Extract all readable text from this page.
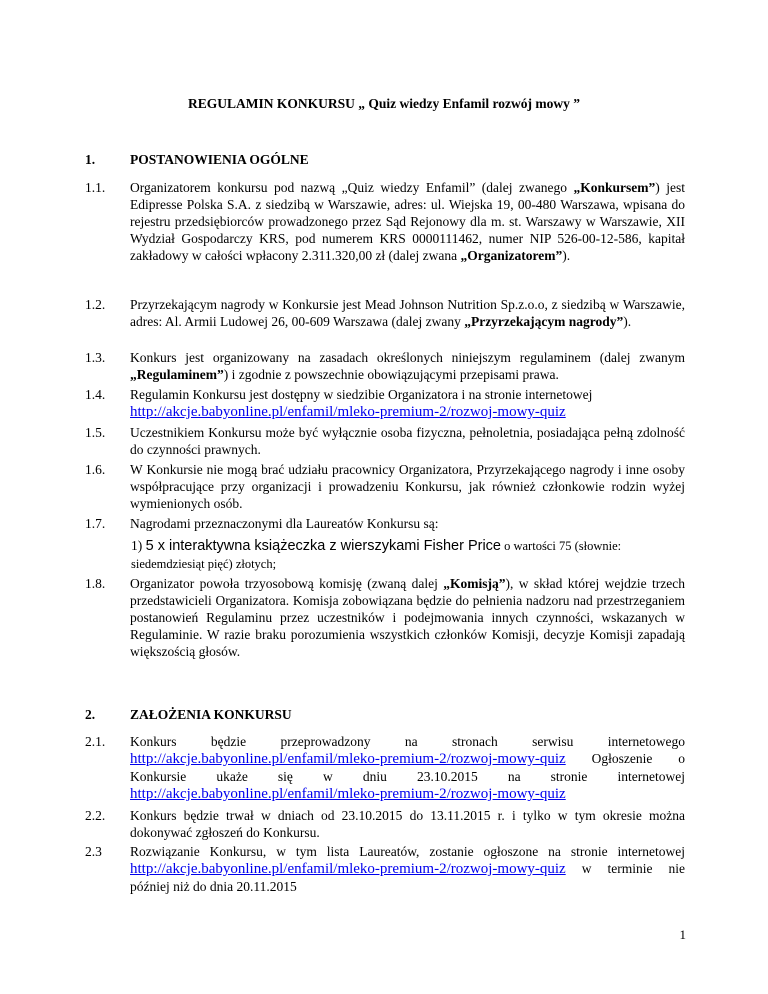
REGULAMIN KONKURSU „ Quiz wiedzy Enfamil rozwój mowy ”
1.	POSTANOWIENIA OGÓLNE
1.1. Organizatorem konkursu pod nazwą „Quiz wiedzy Enfamil” (dalej zwanego „Konkursem”) jest Edipresse Polska S.A. z siedzibą w Warszawie, adres: ul. Wiejska 19, 00-480 Warszawa, wpisana do rejestru przedsiębiorców prowadzonego przez Sąd Rejonowy dla m. st. Warszawy w Warszawie, XII Wydział Gospodarczy KRS, pod numerem KRS 0000111462, numer NIP 526-00-12-586, kapitał zakładowy w całości wpłacony 2.311.320,00 zł (dalej zwana „Organizatorem”).
1.2. Przyrzekającym nagrody w Konkursie jest Mead Johnson Nutrition Sp.z.o.o, z siedzibą w Warszawie, adres: Al. Armii Ludowej 26, 00-609 Warszawa (dalej zwany „Przyrzekającym nagrody”).
1.3. Konkurs jest organizowany na zasadach określonych niniejszym regulaminem (dalej zwanym „Regulaminem”) i zgodnie z powszechnie obowiązującymi przepisami prawa.
1.4. Regulamin Konkursu jest dostępny w siedzibie Organizatora i na stronie internetowej
http://akcje.babyonline.pl/enfamil/mleko-premium-2/rozwoj-mowy-quiz
1.5. Uczestnikiem Konkursu może być wyłącznie osoba fizyczna, pełnoletnia, posiadająca pełną zdolność do czynności prawnych.
1.6. W Konkursie nie mogą brać udziału pracownicy Organizatora, Przyrzekającego nagrody i inne osoby współpracujące przy organizacji i prowadzeniu Konkursu, jak również członkowie rodzin wyżej wymienionych osób.
1.7. Nagrodami przeznaczonymi dla Laureatów Konkursu są:
1) 5 x interaktywna książeczka z wierszykami Fisher Price o wartości 75 (słownie: siedemdziesiąt pięć) złotych;
1.8. Organizator powoła trzyosobową komisję (zwaną dalej „Komisją”), w skład której wejdzie trzech przedstawicieli Organizatora. Komisja zobowiązana będzie do pełnienia nadzoru nad przestrzeganiem postanowień Regulaminu przez uczestników i podejmowania innych czynności, wskazanych w Regulaminie. W razie braku porozumienia wszystkich członków Komisji, decyzje Komisji zapadają większością głosów.
2.	ZAŁOŻENIA KONKURSU
2.1. Konkurs będzie przeprowadzony na stronach serwisu internetowego http://akcje.babyonline.pl/enfamil/mleko-premium-2/rozwoj-mowy-quiz Ogłoszenie o Konkursie ukaże się w dniu 23.10.2015 na stronie internetowej http://akcje.babyonline.pl/enfamil/mleko-premium-2/rozwoj-mowy-quiz
2.2. Konkurs będzie trwał w dniach od 23.10.2015 do 13.11.2015 r. i tylko w tym okresie można dokonywać zgłoszeń do Konkursu.
2.3 Rozwiązanie Konkursu, w tym lista Laureatów, zostanie ogłoszone na stronie internetowej http://akcje.babyonline.pl/enfamil/mleko-premium-2/rozwoj-mowy-quiz w terminie nie później niż do dnia 20.11.2015
1
